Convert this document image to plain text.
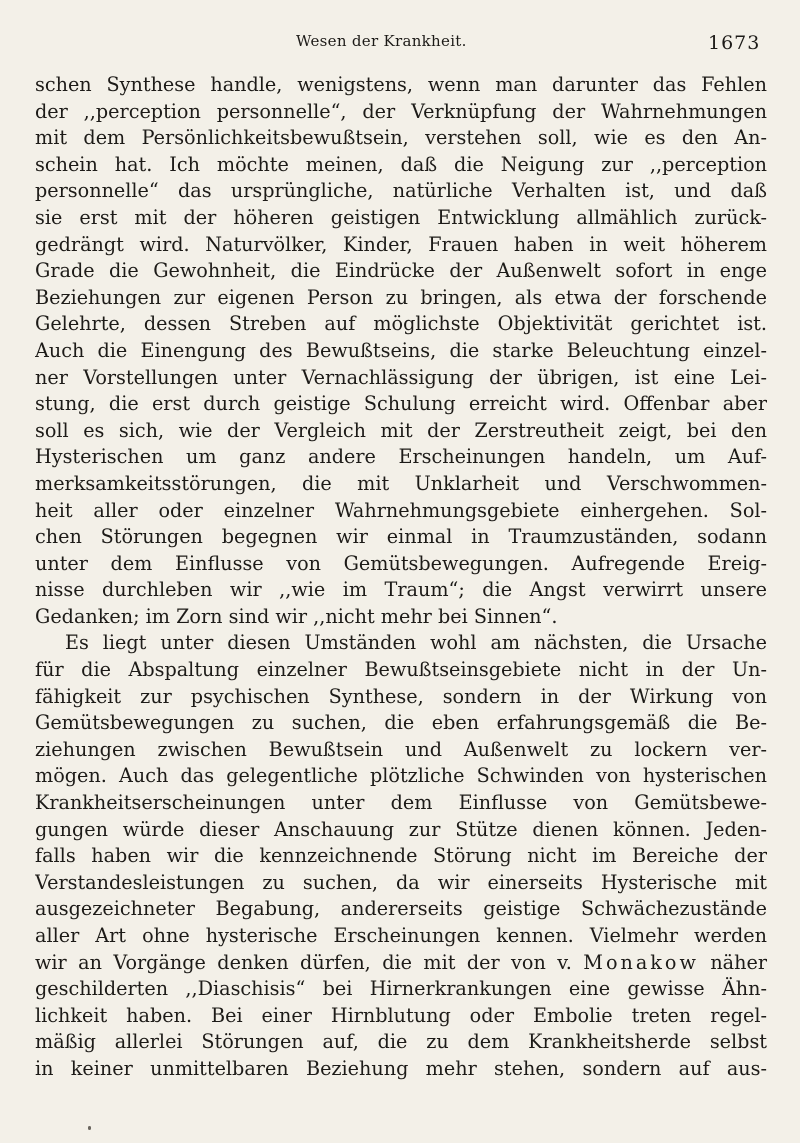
Wesen der Krankheit.	1673
schen Synthese handle, wenigstens, wenn man darunter das Fehlen
der ,,perception personnelle“, der Verknüpfung der Wahrnehmungen
mit dem Persönlichkeitsbewußtsein, verstehen soll, wie es den An-
schein hat. Ich möchte meinen, daß die Neigung zur ,,perception
personnelle“ das ursprüngliche, natürliche Verhalten ist, und daß
sie erst mit der höheren geistigen Entwicklung allmählich zurück-
gedrängt wird. Naturvölker, Kinder, Frauen haben in weit höherem
Grade die Gewohnheit, die Eindrücke der Außenwelt sofort in enge
Beziehungen zur eigenen Person zu bringen, als etwa der forschende
Gelehrte, dessen Streben auf möglichste Objektivität gerichtet ist.
Auch die Einengung des Bewußtseins, die starke Beleuchtung einzel-
ner Vorstellungen unter Vernachlässigung der übrigen, ist eine Lei-
stung, die erst durch geistige Schulung erreicht wird. Offenbar aber
soll es sich, wie der Vergleich mit der Zerstreutheit zeigt, bei den
Hysterischen um ganz andere Erscheinungen handeln, um Auf-
merksamkeitsstörungen, die mit Unklarheit und Verschwommen-
heit aller oder einzelner Wahrnehmungsgebiete einhergehen. Sol-
chen Störungen begegnen wir einmal in Traumzuständen, sodann
unter dem Einflusse von Gemütsbewegungen. Aufregende Ereig-
nisse durchleben wir ,,wie im Traum“; die Angst verwirrt unsere
Gedanken; im Zorn sind wir ,,nicht mehr bei Sinnen“.
Es liegt unter diesen Umständen wohl am nächsten, die Ursache
für die Abspaltung einzelner Bewußtseinsgebiete nicht in der Un-
fähigkeit zur psychischen Synthese, sondern in der Wirkung von
Gemütsbewegungen zu suchen, die eben erfahrungsgemäß die Be-
ziehungen zwischen Bewußtsein und Außenwelt zu lockern ver-
mögen. Auch das gelegentliche plötzliche Schwinden von hysterischen
Krankheitserscheinungen unter dem Einflusse von Gemütsbewe-
gungen würde dieser Anschauung zur Stütze dienen können. Jeden-
falls haben wir die kennzeichnende Störung nicht im Bereiche der
Verstandesleistungen zu suchen, da wir einerseits Hysterische mit
ausgezeichneter Begabung, andererseits geistige Schwächezustände
aller Art ohne hysterische Erscheinungen kennen. Vielmehr werden
wir an Vorgänge denken dürfen, die mit der von v. Monakow näher
geschilderten ,,Diaschisis“ bei Hirnerkrankungen eine gewisse Ähn-
lichkeit haben. Bei einer Hirnblutung oder Embolie treten regel-
mäßig allerlei Störungen auf, die zu dem Krankheitsherde selbst
in keiner unmittelbaren Beziehung mehr stehen, sondern auf aus-
